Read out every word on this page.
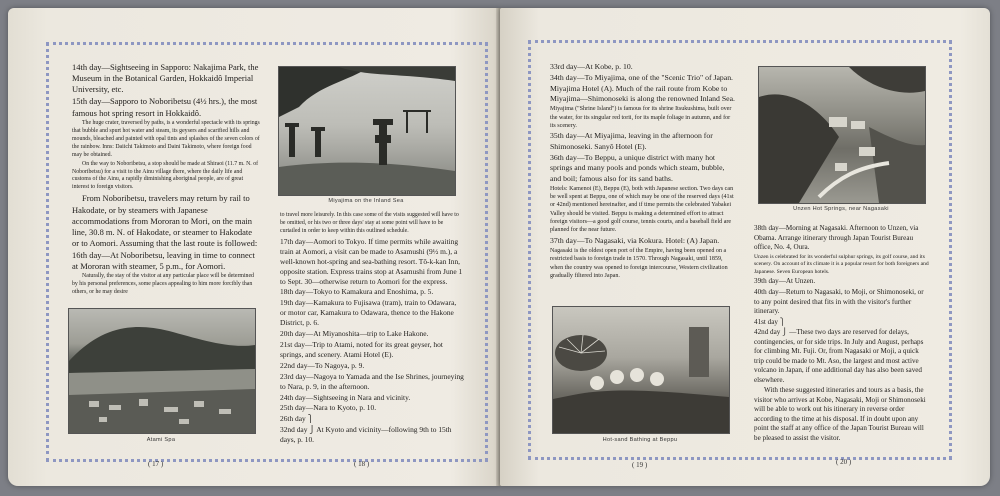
14th day—Sightseeing in Sapporo: Nakajima Park, the Museum in the Botanical Garden, Hokkaidô Imperial University, etc.

15th day—Sapporo to Noboribetsu (4½ hrs.), the most famous hot spring resort in Hokkaidô.

The huge crater, traversed by paths, is a wonderful spectacle with its springs that bubble and spurt hot water and steam, its geysers and scarified hills and mounds, bleached and painted with opal tints and splashes of the seven colors of the rainbow. Inns: Daiichi Takimoto and Daini Takimoto, where foreign food may be obtained.

On the way to Noboribetsu, a stop should be made at Shiraoi (11.7 m. N. of Noboribetsu) for a visit to the Ainu village there, where the daily life and customs of the Ainu, a rapidly diminishing aboriginal people, are of great interest to foreign visitors.

From Noboribetsu, travelers may return by rail to Hakodate, or by steamers with Japanese accommodations from Mororan to Mori, on the main line, 30.8 m. N. of Hakodate, or steamer to Hakodate or to Aomori. Assuming that the last route is followed:

16th day—At Noboribetsu, leaving in time to connect at Mororan with steamer, 5 p.m., for Aomori.

Naturally, the stay of the visitor at any particular place will be determined by his personal preferences, some places appealing to him more forcibly than others, or he may desire

Atami Spa
( 17 )
Miyajima on the Inland Sea

to travel more leisurely. In this case some of the visits suggested will have to be omitted, or his two or three days' stay at some point will have to be curtailed in order to keep within this outlined schedule.

17th day—Aomori to Tokyo. If time permits while awaiting train at Aomori, a visit can be made to Asamushi (9½ m.), a well-known hot-spring and sea-bathing resort. Tô-k-kan Inn, opposite station. Express trains stop at Asamushi from June 1 to Sept. 30—otherwise return to Aomori for the express.

18th day—Tokyo to Kamakura and Enoshima, p. 5.

19th day—Kamakura to Fujisawa (tram), train to Odawara, or motor car, Kamakura to Odawara, thence to the Hakone District, p. 6.

20th day—At Miyanoshita—trip to Lake Hakone.

21st day—Trip to Atami, noted for its great geyser, hot springs, and scenery. Atami Hotel (E).

22nd day—To Nagoya, p. 9.

23rd day—Nagoya to Yamada and the Ise Shrines, journeying to Nara, p. 9, in the afternoon.

24th day—Sightseeing in Nara and vicinity.

25th day—Nara to Kyoto, p. 10.

26th day ⎫

32nd day ⎭ At Kyoto and vicinity—following 9th to 15th days, p. 10.

( 18 )

33rd day—At Kobe, p. 10.

34th day—To Miyajima, one of the "Scenic Trio" of Japan. Miyajima Hotel (A). Much of the rail route from Kobe to Miyajima—Shimonoseki is along the renowned Inland Sea.

Miyajima ("Shrine Island") is famous for its shrine Itsukushima, built over the water, for its singular red torii, for its maple foliage in autumn, and for its scenery.

35th day—At Miyajima, leaving in the afternoon for Shimonoseki. Sanyô Hotel (E).

36th day—To Beppu, a unique district with many hot springs and many pools and ponds which steam, bubble, and boil; famous also for its sand baths.

Hotels: Kamenoi (E), Beppu (E), both with Japanese section. Two days can be well spent at Beppu, one of which may be one of the reserved days (41st or 42nd) mentioned hereinafter, and if time permits the celebrated Yabakei Valley should be visited. Beppu is making a determined effort to attract foreign visitors—a good golf course, tennis courts, and a baseball field are planned for the near future.

37th day—To Nagasaki, via Kokura. Hotel: (A) Japan.

Nagasaki is the oldest open port of the Empire, having been opened on a restricted basis to foreign trade in 1570. Through Nagasaki, until 1859, when the country was opened to foreign intercourse, Western civilization gradually filtered into Japan.

Hot-sand Bathing at Beppu
( 19 )
Unzen Hot Springs, near Nagasaki

38th day—Morning at Nagasaki. Afternoon to Unzen, via Obama. Arrange itinerary through Japan Tourist Bureau office, No. 4, Oura.

Unzen is celebrated for its wonderful sulphur springs, its golf course, and its scenery. On account of its climate it is a popular resort for both foreigners and Japanese. Seven European hotels.

39th day—At Unzen.

40th day—Return to Nagasaki, to Moji, or Shimonoseki, or to any point desired that fits in with the visitor's further itinerary.

41st day ⎫

42nd day ⎭ —These two days are reserved for delays, contingencies, or for side trips. In July and August, perhaps for climbing Mt. Fuji. Or, from Nagasaki or Moji, a quick trip could be made to Mt. Aso, the largest and most active volcano in Japan, if one additional day has also been saved elsewhere.

With these suggested itineraries and tours as a basis, the visitor who arrives at Kobe, Nagasaki, Moji or Shimonoseki will be able to work out his itinerary in reverse order according to the time at his disposal. If in doubt upon any point the staff at any office of the Japan Tourist Bureau will be pleased to assist the visitor.

( 20 )
